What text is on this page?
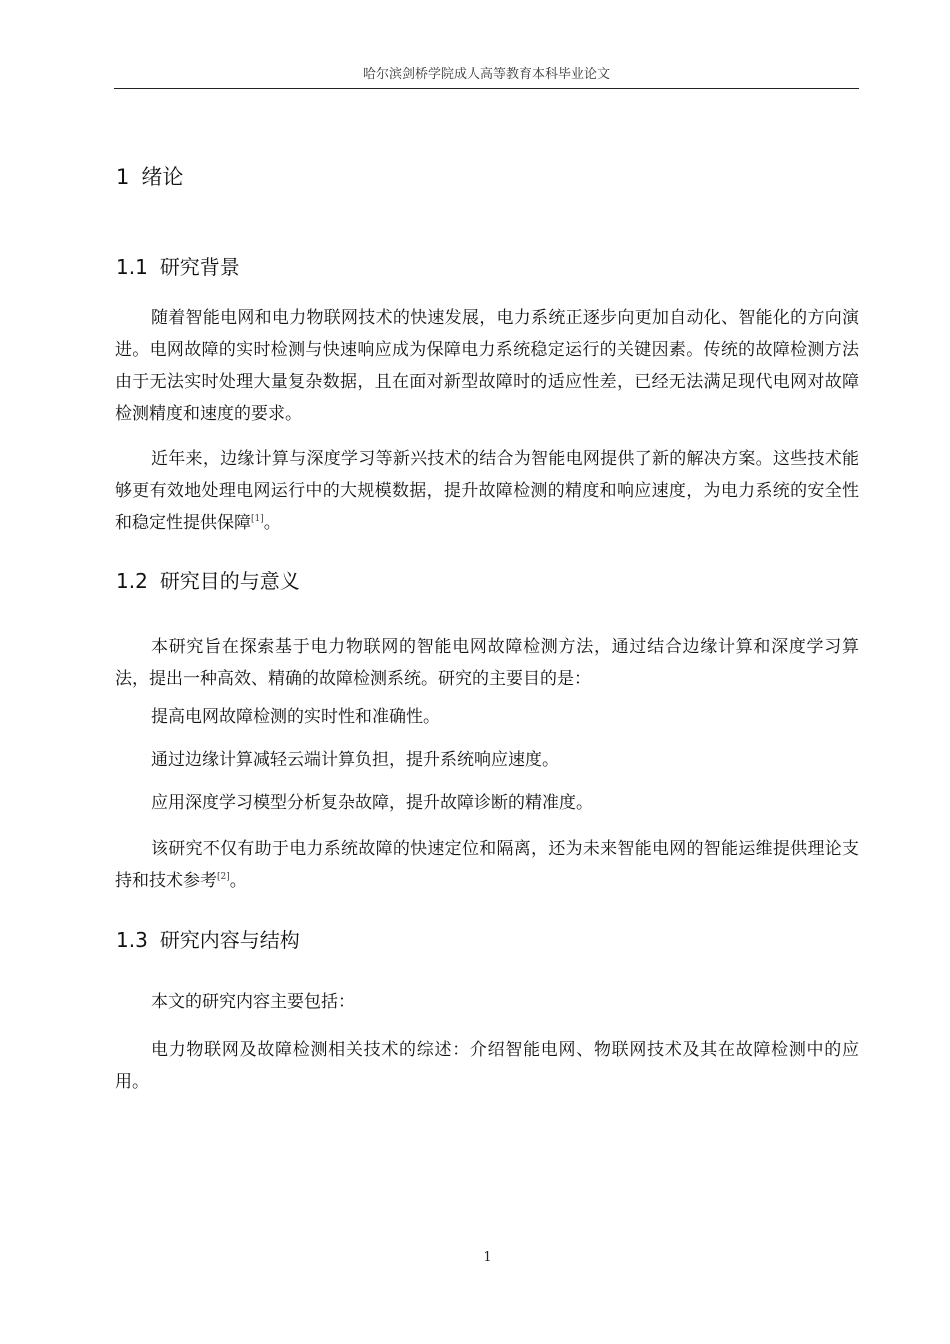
哈尔滨剑桥学院成人高等教育本科毕业论文
1 绪论
1.1 研究背景

随着智能电网和电力物联网技术的快速发展，电力系统正逐步向更加自动化、智能化的方向演进。电网故障的实时检测与快速响应成为保障电力系统稳定运行的关键因素。传统的故障检测方法由于无法实时处理大量复杂数据，且在面对新型故障时的适应性差，已经无法满足现代电网对故障检测精度和速度的要求。

近年来，边缘计算与深度学习等新兴技术的结合为智能电网提供了新的解决方案。这些技术能够更有效地处理电网运行中的大规模数据，提升故障检测的精度和响应速度，为电力系统的安全性和稳定性提供保障[1]。

1.2 研究目的与意义

本研究旨在探索基于电力物联网的智能电网故障检测方法，通过结合边缘计算和深度学习算法，提出一种高效、精确的故障检测系统。研究的主要目的是：

提高电网故障检测的实时性和准确性。

通过边缘计算减轻云端计算负担，提升系统响应速度。

应用深度学习模型分析复杂故障，提升故障诊断的精准度。

该研究不仅有助于电力系统故障的快速定位和隔离，还为未来智能电网的智能运维提供理论支持和技术参考[2]。

1.3 研究内容与结构

本文的研究内容主要包括：

电力物联网及故障检测相关技术的综述：介绍智能电网、物联网技术及其在故障检测中的应用。

1
